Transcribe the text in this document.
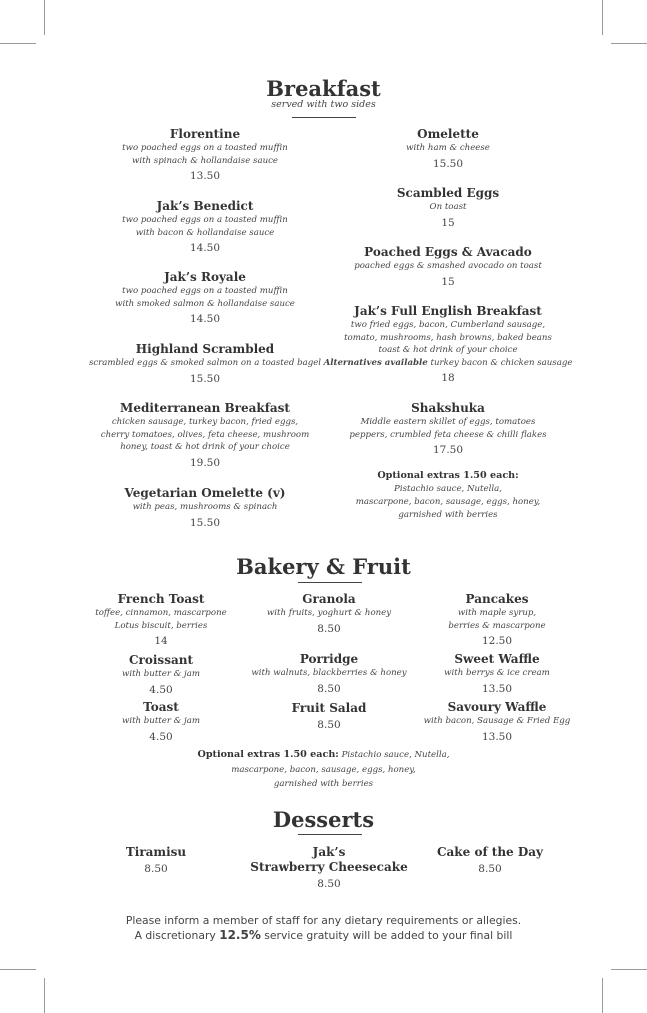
Breakfast
served with two sides
Florentine
two poached eggs on a toasted muffin
with spinach & hollandaise sauce
13.50
Jak’s Benedict
two poached eggs on a toasted muffin
with bacon & hollandaise sauce
14.50
Jak’s Royale
two poached eggs on a toasted muffin
with smoked salmon & hollandaise sauce
14.50
Highland Scrambled
scrambled eggs & smoked salmon on a toasted bagel
15.50
Mediterranean Breakfast
chicken sausage, turkey bacon, fried eggs,
cherry tomatoes, olives, feta cheese, mushroom
honey, toast & hot drink of your choice
19.50
Vegetarian Omelette (v)
with peas, mushrooms & spinach
15.50
Omelette
with ham & cheese
15.50
Scambled Eggs
On toast
15
Poached Eggs & Avacado
poached eggs & smashed avocado on toast
15
Jak’s Full English Breakfast
two fried eggs, bacon, Cumberland sausage,
tomato, mushrooms, hash browns, baked beans
toast & hot drink of your choice
Alternatives available turkey bacon & chicken sausage
18
Shakshuka
Middle eastern skillet of eggs, tomatoes
peppers, crumbled feta cheese & chilli flakes
17.50
Optional extras 1.50 each:
Pistachio sauce, Nutella,
mascarpone, bacon, sausage, eggs, honey,
garnished with berries
Bakery & Fruit
French Toast
toffee, cinnamon, mascarpone
Lotus biscuit, berries
14
Croissant
with butter & jam
4.50
Toast
with butter & jam
4.50
Granola
with fruits, yoghurt & honey
8.50
Porridge
with walnuts, blackberries & honey
8.50
Fruit Salad
8.50
Pancakes
with maple syrup,
berries & mascarpone
12.50
Sweet Waffle
with berrys & ice cream
13.50
Savoury Waffle
with bacon, Sausage & Fried Egg
13.50
Optional extras 1.50 each: Pistachio sauce, Nutella,
mascarpone, bacon, sausage, eggs, honey,
garnished with berries
Desserts
Tiramisu
8.50
Jak’s
Strawberry Cheesecake
8.50
Cake of the Day
8.50
Please inform a member of staff for any dietary requirements or allegies.
A discretionary 12.5% service gratuity will be added to your final bill
